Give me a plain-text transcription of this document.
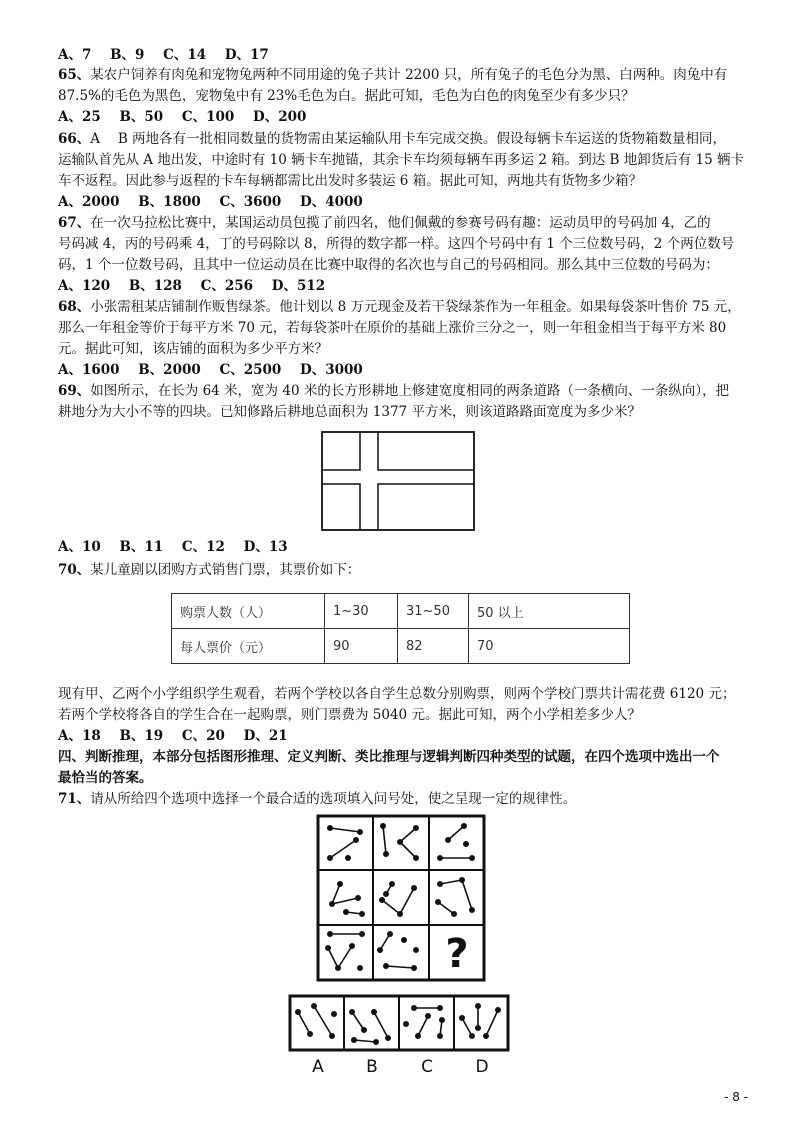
A、7 B、9 C、14 D、17
65、某农户饲养有肉兔和宠物兔两种不同用途的兔子共计 2200 只，所有兔子的毛色分为黑、白两种。肉兔中有
87.5%的毛色为黑色，宠物兔中有 23%毛色为白。据此可知，毛色为白色的肉兔至少有多少只？
A、25 B、50 C、100 D、200
66、A　 B 两地各有一批相同数量的货物需由某运输队用卡车完成交换。假设每辆卡车运送的货物箱数量相同，
运输队首先从 A 地出发，中途时有 10 辆卡车抛锚，其余卡车均须每辆车再多运 2 箱。到达 B 地卸货后有 15 辆卡
车不返程。因此参与返程的卡车每辆都需比出发时多装运 6 箱。据此可知，两地共有货物多少箱？
A、2000 B、1800 C、3600 D、4000
67、在一次马拉松比赛中，某国运动员包揽了前四名，他们佩戴的参赛号码有趣：运动员甲的号码加 4，乙的
号码减 4，丙的号码乘 4，丁的号码除以 8，所得的数字都一样。这四个号码中有 1 个三位数号码，2 个两位数号
码，1 个一位数号码，且其中一位运动员在比赛中取得的名次也与自己的号码相同。那么其中三位数的号码为：
A、120 B、128 C、256 D、512
68、小张需租某店铺制作贩售绿茶。他计划以 8 万元现金及若干袋绿茶作为一年租金。如果每袋茶叶售价 75 元，
那么一年租金等价于每平方米 70 元，若每袋茶叶在原价的基础上涨价三分之一，则一年租金相当于每平方米 80
元。据此可知，该店铺的面积为多少平方米？
A、1600 B、2000 C、2500 D、3000
69、如图所示，在长为 64 米，宽为 40 米的长方形耕地上修建宽度相同的两条道路（一条横向、一条纵向），把
耕地分为大小不等的四块。已知修路后耕地总面积为 1377 平方米，则该道路路面宽度为多少米？
A、10 B、11 C、12 D、13
70、某儿童剧以团购方式销售门票，其票价如下：
购票人数（人）	1~30	31~50	50 以上
每人票价（元）	90	82	70
现有甲、乙两个小学组织学生观看，若两个学校以各自学生总数分别购票，则两个学校门票共计需花费 6120 元；
若两个学校将各自的学生合在一起购票，则门票费为 5040 元。据此可知，两个小学相差多少人？
A、18 B、19 C、20 D、21
四、判断推理，本部分包括图形推理、定义判断、类比推理与逻辑判断四种类型的试题，在四个选项中选出一个
最恰当的答案。
71、请从所给四个选项中选择一个最合适的选项填入问号处，使之呈现一定的规律性。
?
A B	C	D
- 8 -
